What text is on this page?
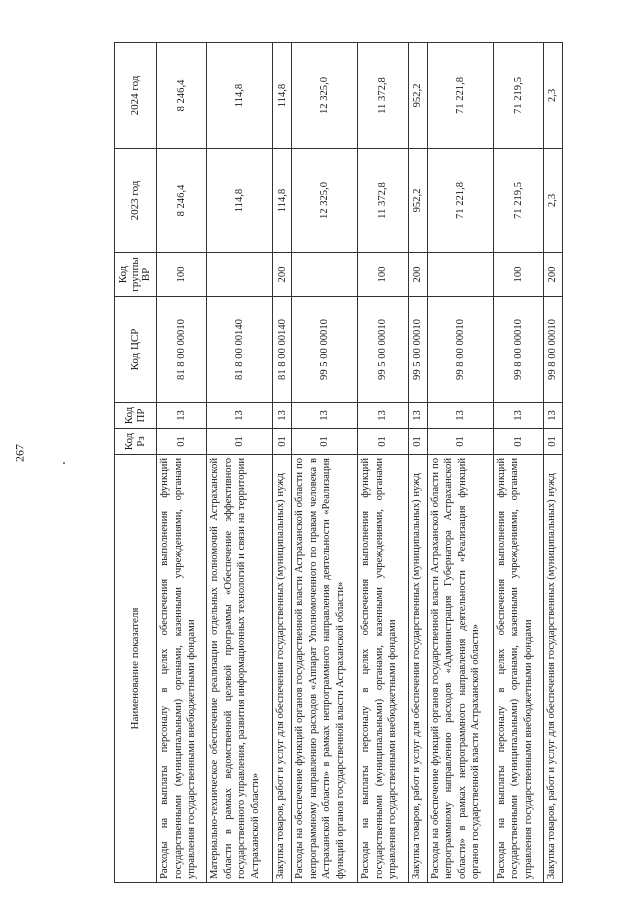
267
Наименование показателя	Код Рз	Код ПР	Код ЦСР	Код группы ВР	2023 год	2024 год
Расходы на выплаты персоналу в целях обеспечения выполнения функций государственными (муниципальными) органами, казенными учреждениями, органами управления государственными внебюджетными фондами	01	13	81 8 00 00010	100	8 246,4	8 246,4
Материально-техническое обеспечение реализации отдельных полномочий Астраханской области в рамках ведомственной целевой программы «Обеспечение эффективного государственного управления, развития информационных технологий и связи на территории Астраханской области»	01	13	81 8 00 00140		114,8	114,8
Закупка товаров, работ и услуг для обеспечения государственных (муниципальных) нужд	01	13	81 8 00 00140	200	114,8	114,8
Расходы на обеспечение функций органов государственной власти Астраханской области по непрограммному направлению расходов «Аппарат Уполномоченного по правам человека в Астраханской области» в рамках непрограммного направления деятельности «Реализация функций органов государственной власти Астраханской области»	01	13	99 5 00 00010		12 325,0	12 325,0
Расходы на выплаты персоналу в целях обеспечения выполнения функций государственными (муниципальными) органами, казенными учреждениями, органами управления государственными внебюджетными фондами	01	13	99 5 00 00010	100	11 372,8	11 372,8
Закупка товаров, работ и услуг для обеспечения государственных (муниципальных) нужд	01	13	99 5 00 00010	200	952,2	952,2
Расходы на обеспечение функций органов государственной власти Астраханской области по непрограммному направлению расходов «Администрация Губернатора Астраханской области» в рамках непрограммного направления деятельности «Реализация функций органов государственной власти Астраханской области»	01	13	99 8 00 00010		71 221,8	71 221,8
Расходы на выплаты персоналу в целях обеспечения выполнения функций государственными (муниципальными) органами, казенными учреждениями, органами управления государственными внебюджетными фондами	01	13	99 8 00 00010	100	71 219,5	71 219,5
Закупка товаров, работ и услуг для обеспечения государственных (муниципальных) нужд	01	13	99 8 00 00010	200	2,3	2,3
